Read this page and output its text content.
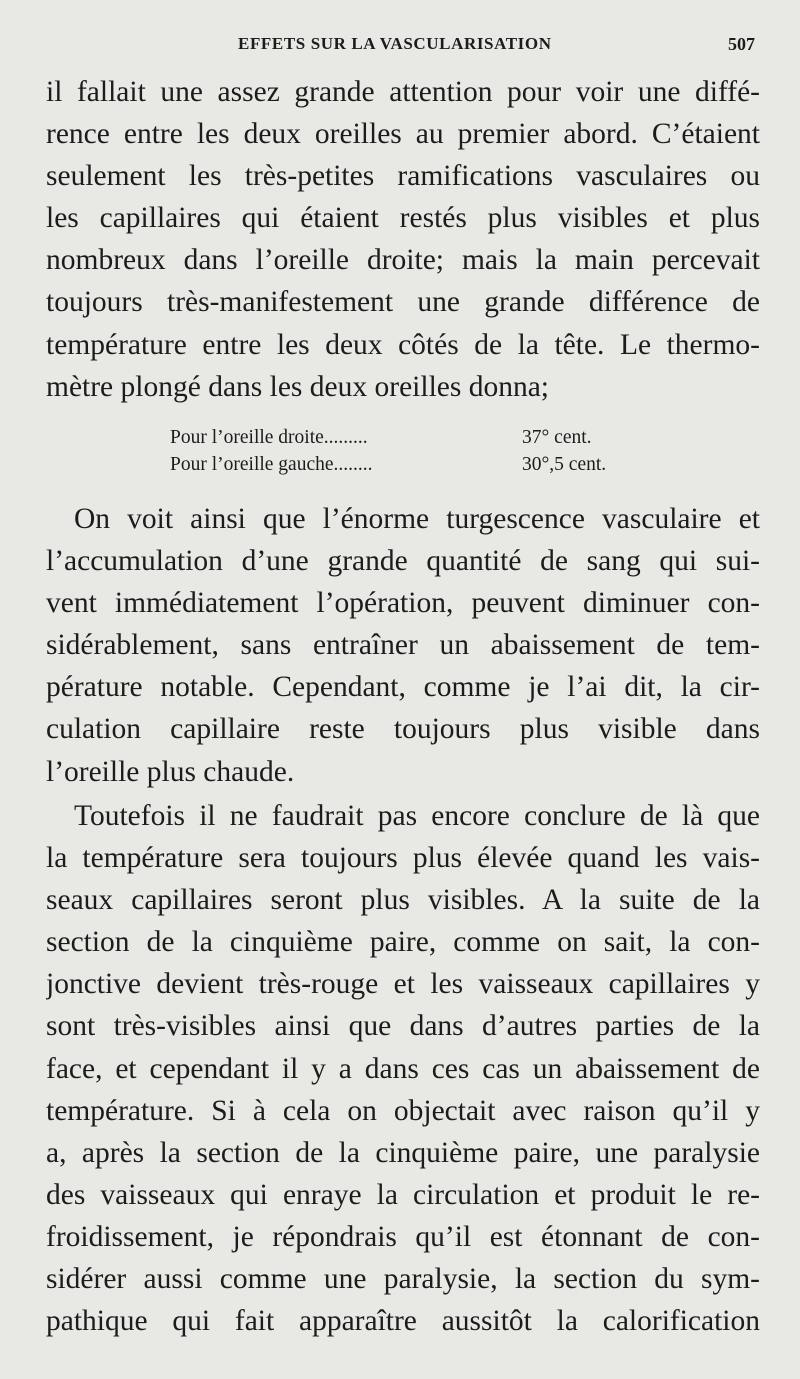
EFFETS SUR LA VASCULARISATION	507
il fallait une assez grande attention pour voir une diffé-
rence entre les deux oreilles au premier abord. C’étaient
seulement les très-petites ramifications vasculaires ou
les capillaires qui étaient restés plus visibles et plus
nombreux dans l’oreille droite; mais la main percevait
toujours très-manifestement une grande différence de
température entre les deux côtés de la tête. Le thermo-
mètre plongé dans les deux oreilles donna;
Pour l’oreille droite.........	37° cent.
Pour l’oreille gauche........	30°,5 cent.
On voit ainsi que l’énorme turgescence vasculaire et
l’accumulation d’une grande quantité de sang qui sui-
vent immédiatement l’opération, peuvent diminuer con-
sidérablement, sans entraîner un abaissement de tem-
pérature notable. Cependant, comme je l’ai dit, la cir-
culation capillaire reste toujours plus visible dans
l’oreille plus chaude.
Toutefois il ne faudrait pas encore conclure de là que
la température sera toujours plus élevée quand les vais-
seaux capillaires seront plus visibles. A la suite de la
section de la cinquième paire, comme on sait, la con-
jonctive devient très-rouge et les vaisseaux capillaires y
sont très-visibles ainsi que dans d’autres parties de la
face, et cependant il y a dans ces cas un abaissement de
température. Si à cela on objectait avec raison qu’il y
a, après la section de la cinquième paire, une paralysie
des vaisseaux qui enraye la circulation et produit le re-
froidissement, je répondrais qu’il est étonnant de con-
sidérer aussi comme une paralysie, la section du sym-
pathique qui fait apparaître aussitôt la calorification
